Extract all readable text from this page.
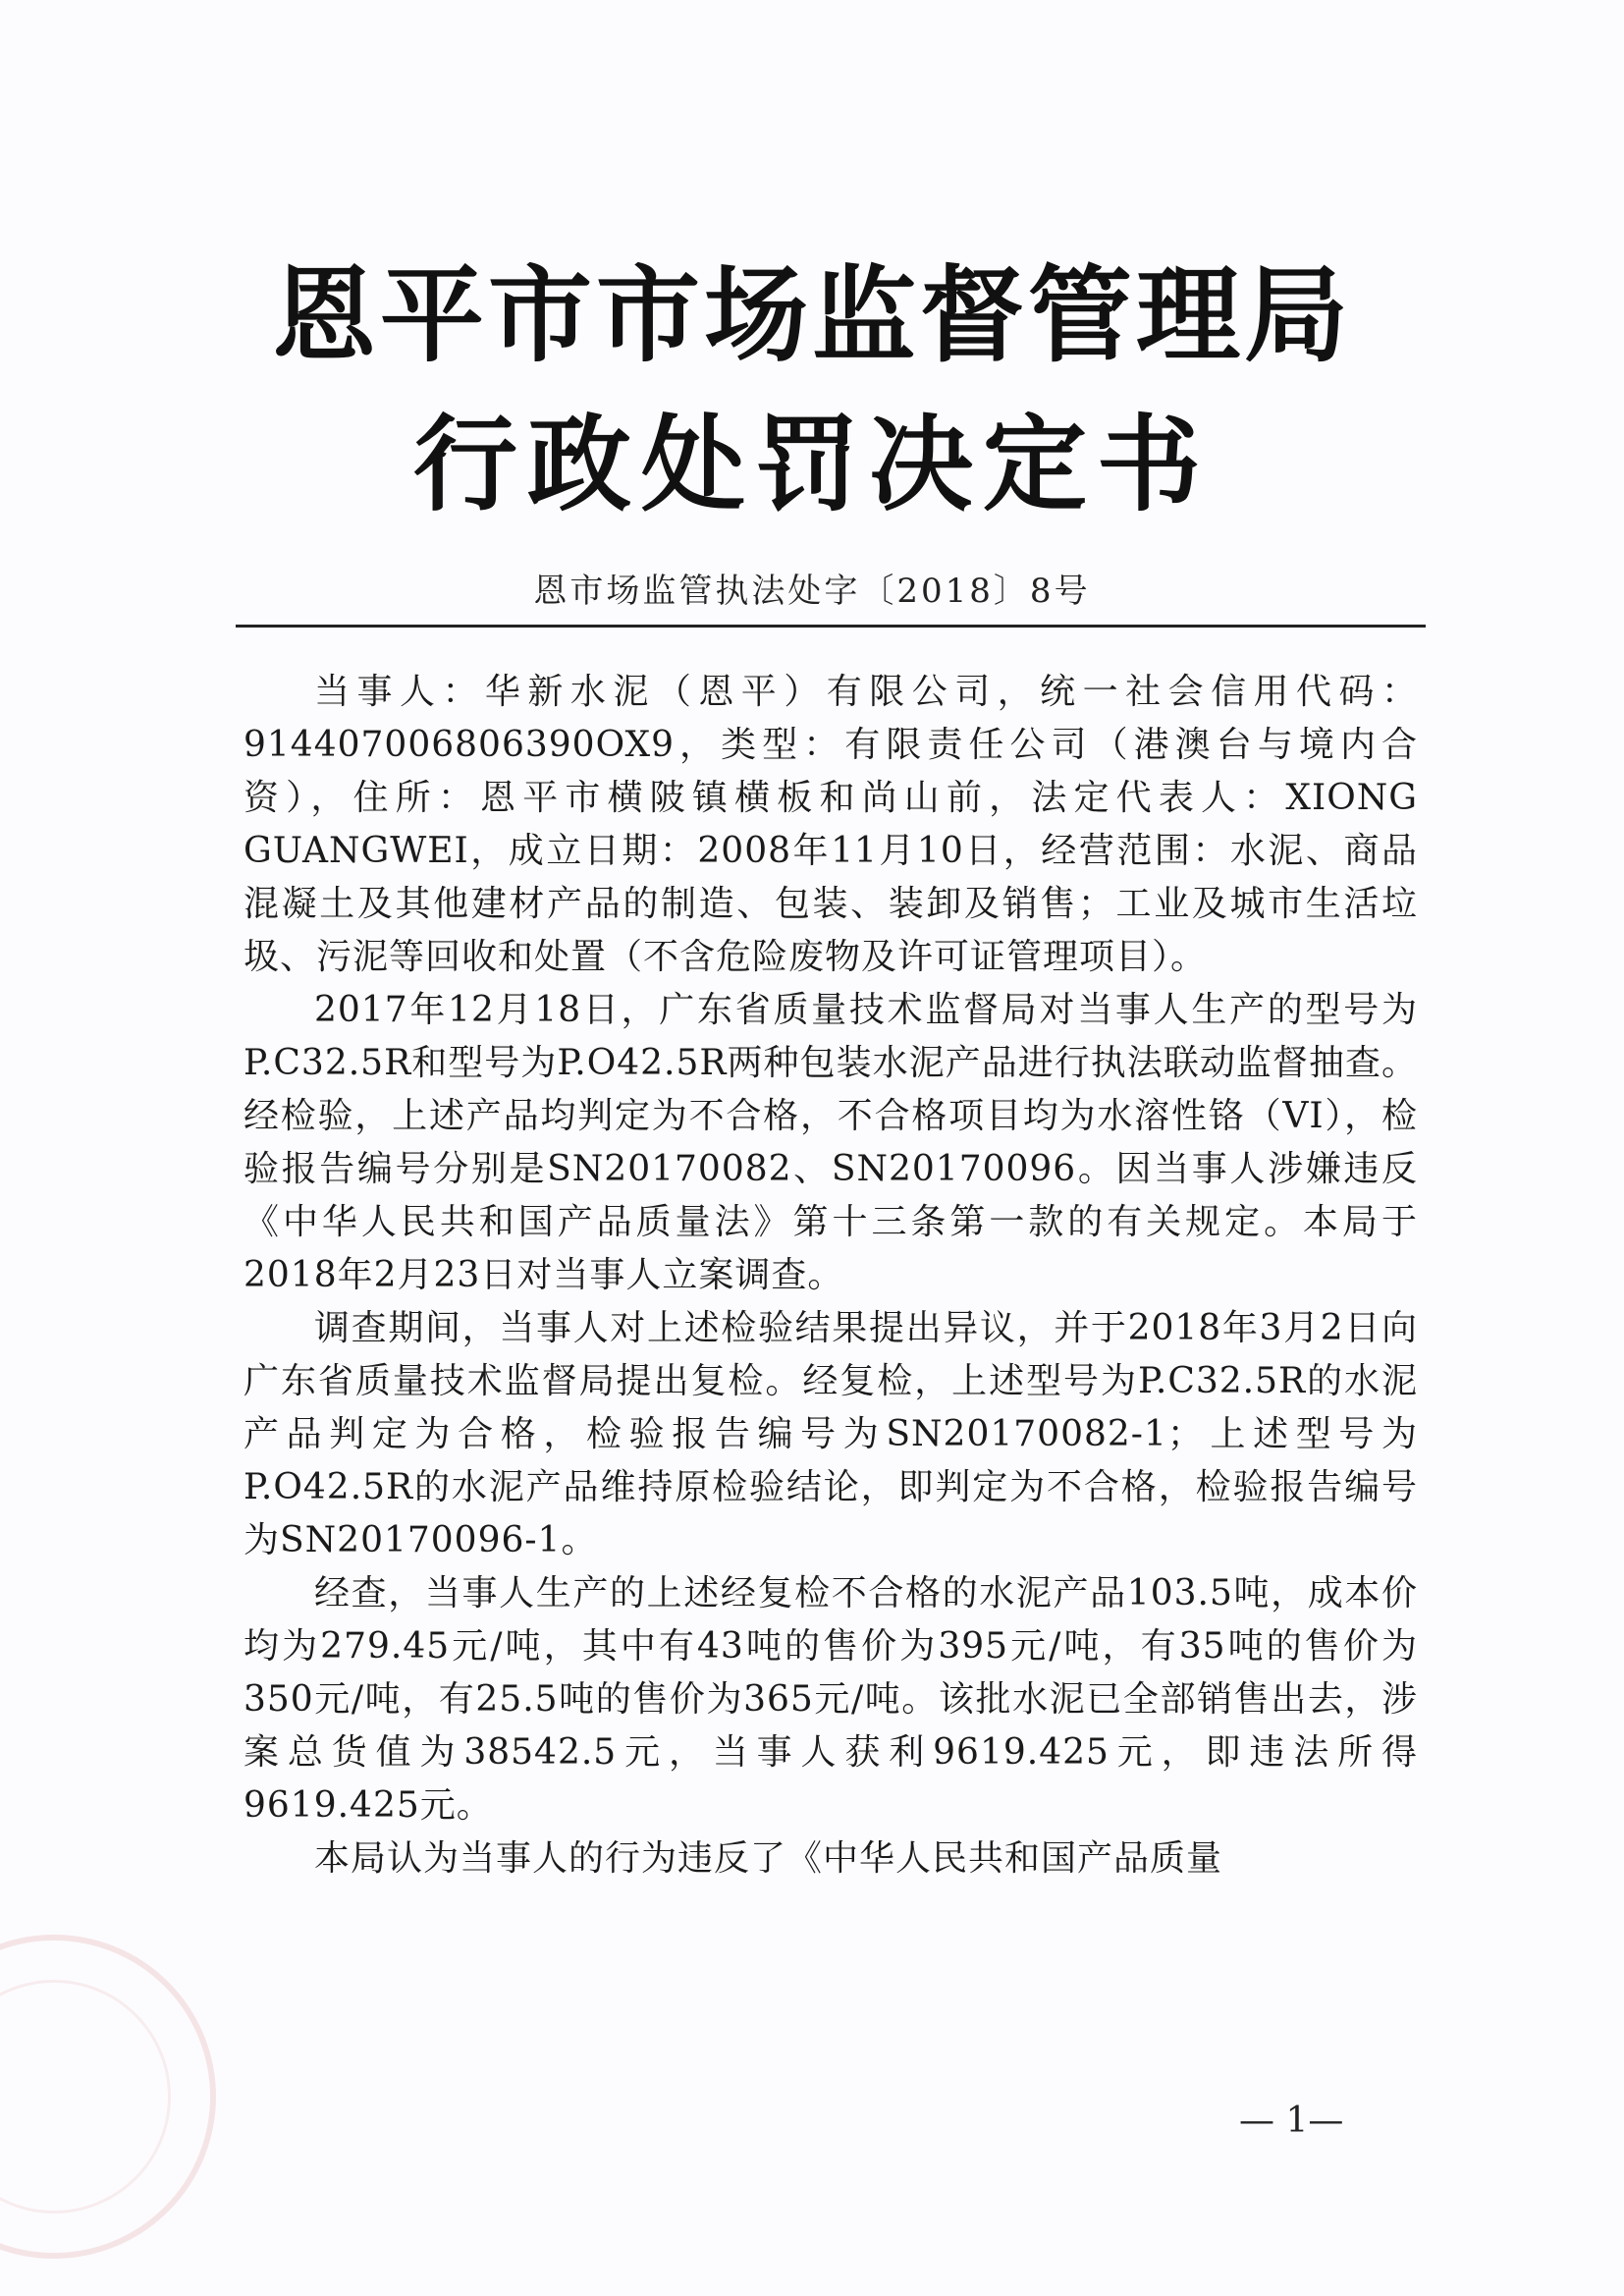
恩平市市场监督管理局
行政处罚决定书
恩市场监管执法处字〔2018〕8号

当事人：华新水泥（恩平）有限公司，统一社会信用代码：914407006806390OX9，类型：有限责任公司（港澳台与境内合资），住所：恩平市横陂镇横板和尚山前，法定代表人：XIONG GUANGWEI，成立日期：2008年11月10日，经营范围：水泥、商品混凝土及其他建材产品的制造、包装、装卸及销售；工业及城市生活垃圾、污泥等回收和处置（不含危险废物及许可证管理项目）。

2017年12月18日，广东省质量技术监督局对当事人生产的型号为P.C32.5R和型号为P.O42.5R两种包装水泥产品进行执法联动监督抽查。经检验，上述产品均判定为不合格，不合格项目均为水溶性铬（VI），检验报告编号分别是SN20170082、SN20170096。因当事人涉嫌违反《中华人民共和国产品质量法》第十三条第一款的有关规定。本局于2018年2月23日对当事人立案调查。

调查期间，当事人对上述检验结果提出异议，并于2018年3月2日向广东省质量技术监督局提出复检。经复检，上述型号为P.C32.5R的水泥产品判定为合格，检验报告编号为SN20170082-1；上述型号为P.O42.5R的水泥产品维持原检验结论，即判定为不合格，检验报告编号为SN20170096-1。

经查，当事人生产的上述经复检不合格的水泥产品103.5吨，成本价均为279.45元/吨，其中有43吨的售价为395元/吨，有35吨的售价为350元/吨，有25.5吨的售价为365元/吨。该批水泥已全部销售出去，涉案总货值为38542.5元，当事人获利9619.425元，即违法所得9619.425元。

本局认为当事人的行为违反了《中华人民共和国产品质量

— 1—
